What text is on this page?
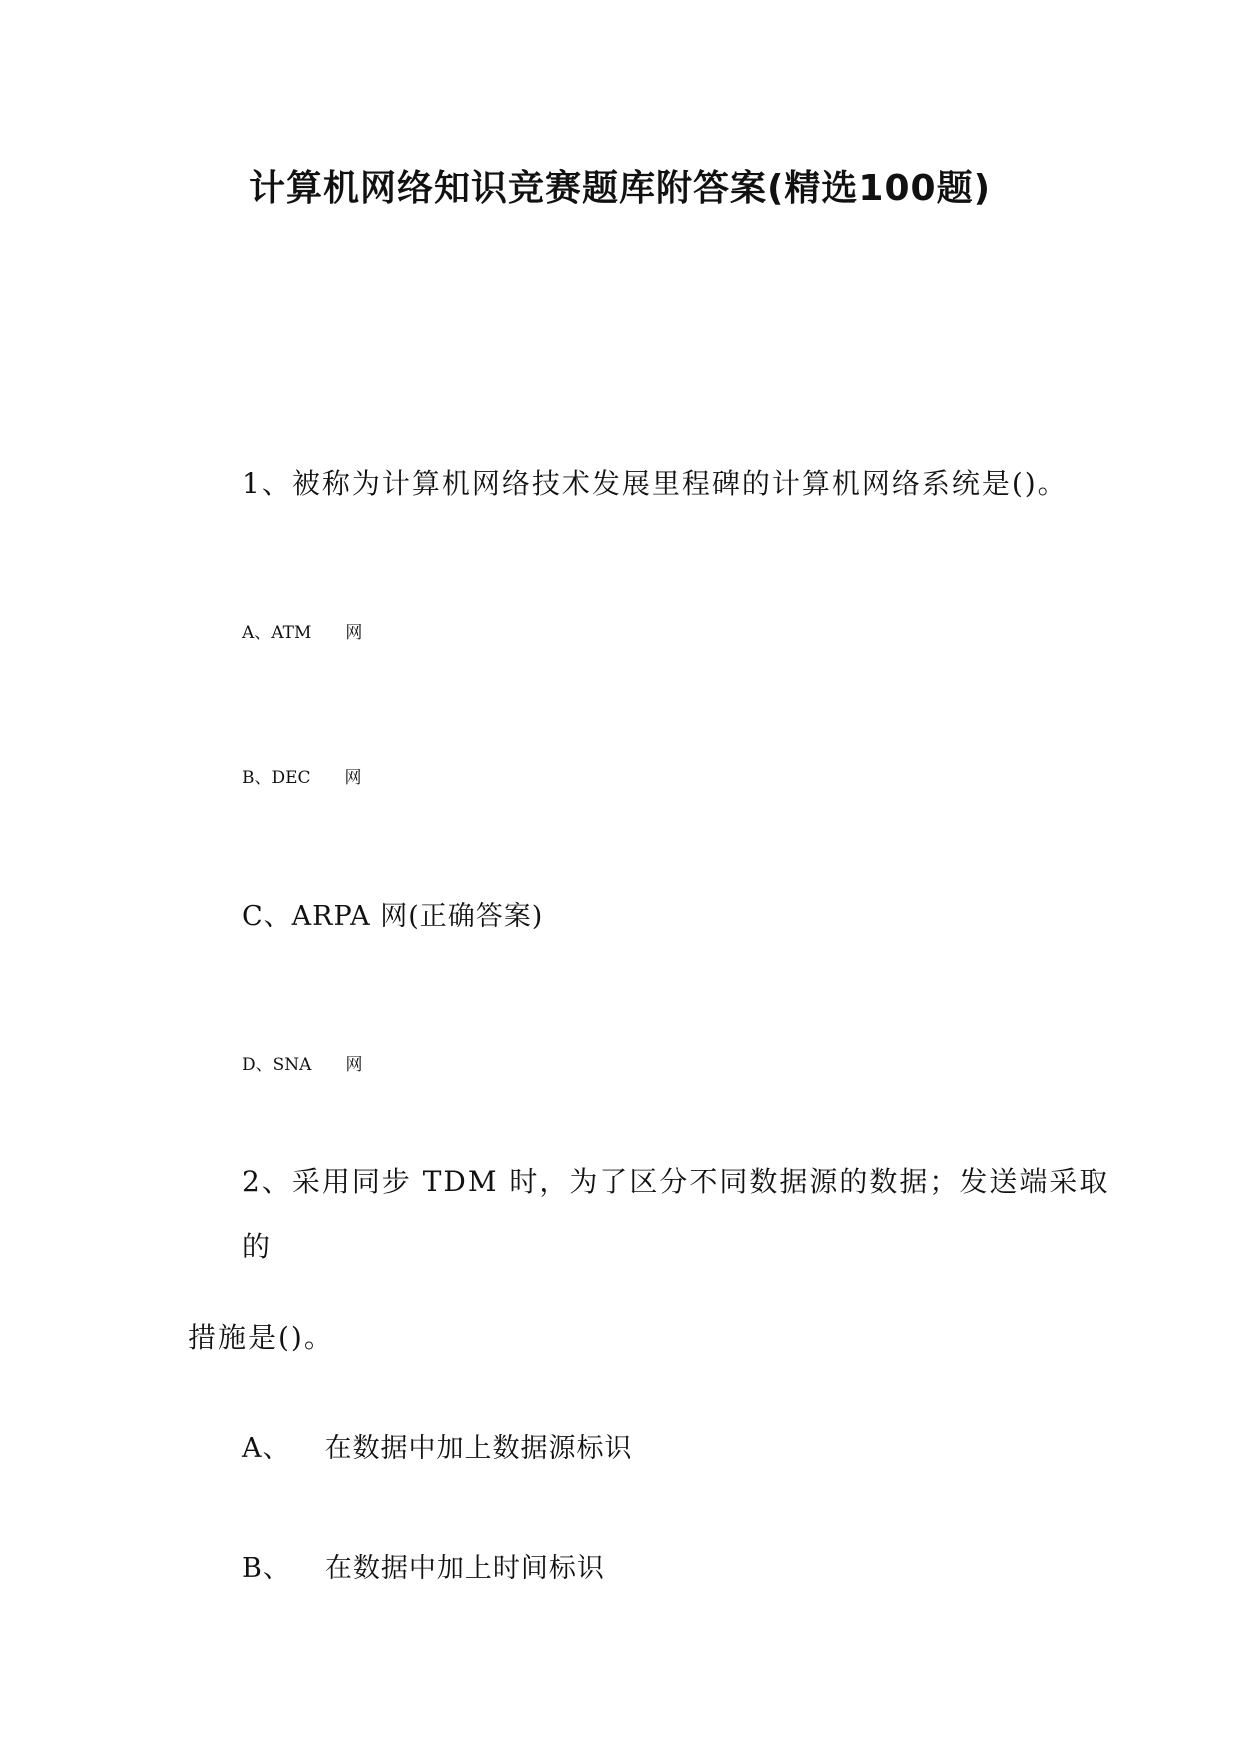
计算机网络知识竞赛题库附答案(精选100题)
1、被称为计算机网络技术发展里程碑的计算机网络系统是()。
A、ATM 网
B、DEC 网
C、ARPA 网(正确答案)
D、SNA 网
2、采用同步 TDM 时，为了区分不同数据源的数据；发送端采取
的
措施是()。
A、 在数据中加上数据源标识
B、 在数据中加上时间标识
